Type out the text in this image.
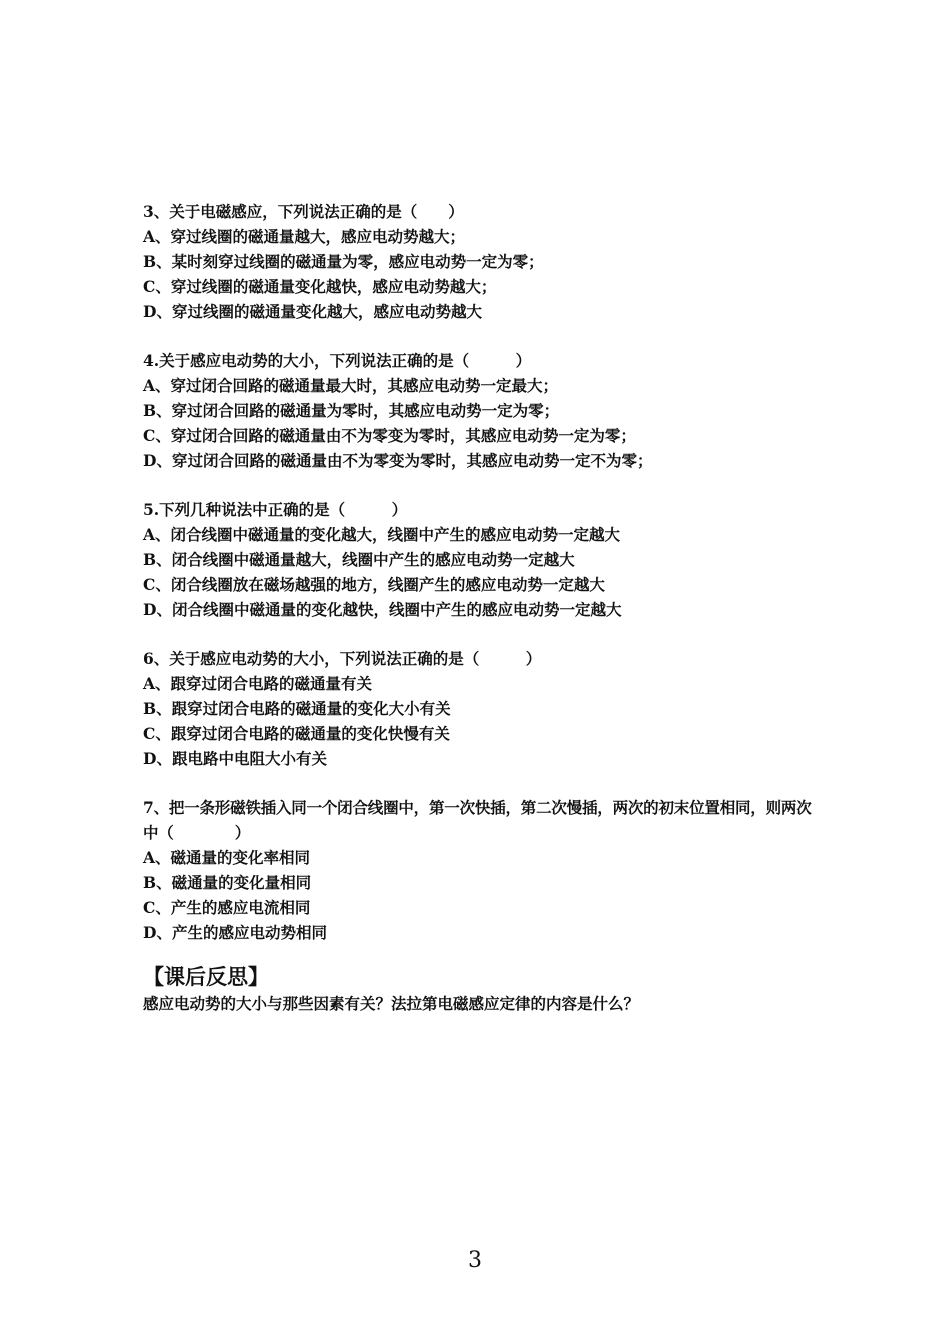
3、关于电磁感应，下列说法正确的是（　　）
A、穿过线圈的磁通量越大，感应电动势越大；
B、某时刻穿过线圈的磁通量为零，感应电动势一定为零；
C、穿过线圈的磁通量变化越快，感应电动势越大；
D、穿过线圈的磁通量变化越大，感应电动势越大
4.关于感应电动势的大小，下列说法正确的是（　　　）
A、穿过闭合回路的磁通量最大时，其感应电动势一定最大；
B、穿过闭合回路的磁通量为零时，其感应电动势一定为零；
C、穿过闭合回路的磁通量由不为零变为零时，其感应电动势一定为零；
D、穿过闭合回路的磁通量由不为零变为零时，其感应电动势一定不为零；
5.下列几种说法中正确的是（　　　）
A、闭合线圈中磁通量的变化越大，线圈中产生的感应电动势一定越大
B、闭合线圈中磁通量越大，线圈中产生的感应电动势一定越大
C、闭合线圈放在磁场越强的地方，线圈产生的感应电动势一定越大
D、闭合线圈中磁通量的变化越快，线圈中产生的感应电动势一定越大
6、关于感应电动势的大小，下列说法正确的是（　　　）
A、跟穿过闭合电路的磁通量有关
B、跟穿过闭合电路的磁通量的变化大小有关
C、跟穿过闭合电路的磁通量的变化快慢有关
D、跟电路中电阻大小有关
7、把一条形磁铁插入同一个闭合线圈中，第一次快插，第二次慢插，两次的初末位置相同，则两次中（　　　　）
A、磁通量的变化率相同
B、磁通量的变化量相同
C、产生的感应电流相同
D、产生的感应电动势相同
【课后反思】
感应电动势的大小与那些因素有关？法拉第电磁感应定律的内容是什么？
3
